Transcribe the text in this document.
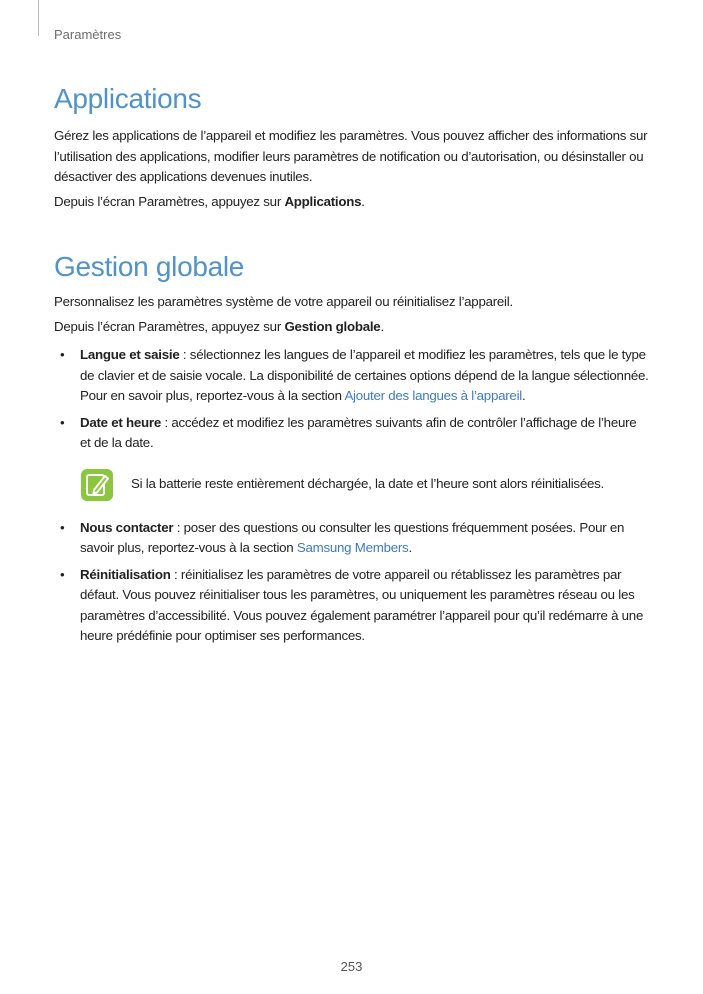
Paramètres
Applications

Gérez les applications de l’appareil et modifiez les paramètres. Vous pouvez afficher des informations sur l’utilisation des applications, modifier leurs paramètres de notification ou d’autorisation, ou désinstaller ou désactiver des applications devenues inutiles.

Depuis l’écran Paramètres, appuyez sur Applications.

Gestion globale

Personnalisez les paramètres système de votre appareil ou réinitialisez l’appareil.

Depuis l’écran Paramètres, appuyez sur Gestion globale.

• Langue et saisie : sélectionnez les langues de l’appareil et modifiez les paramètres, tels que le type de clavier et de saisie vocale. La disponibilité de certaines options dépend de la langue sélectionnée. Pour en savoir plus, reportez-vous à la section Ajouter des langues à l’appareil.
• Date et heure : accédez et modifiez les paramètres suivants afin de contrôler l’affichage de l’heure et de la date.
Si la batterie reste entièrement déchargée, la date et l’heure sont alors réinitialisées.
• Nous contacter : poser des questions ou consulter les questions fréquemment posées. Pour en savoir plus, reportez-vous à la section Samsung Members.
• Réinitialisation : réinitialisez les paramètres de votre appareil ou rétablissez les paramètres par défaut. Vous pouvez réinitialiser tous les paramètres, ou uniquement les paramètres réseau ou les paramètres d’accessibilité. Vous pouvez également paramétrer l’appareil pour qu’il redémarre à une heure prédéfinie pour optimiser ses performances.
253
